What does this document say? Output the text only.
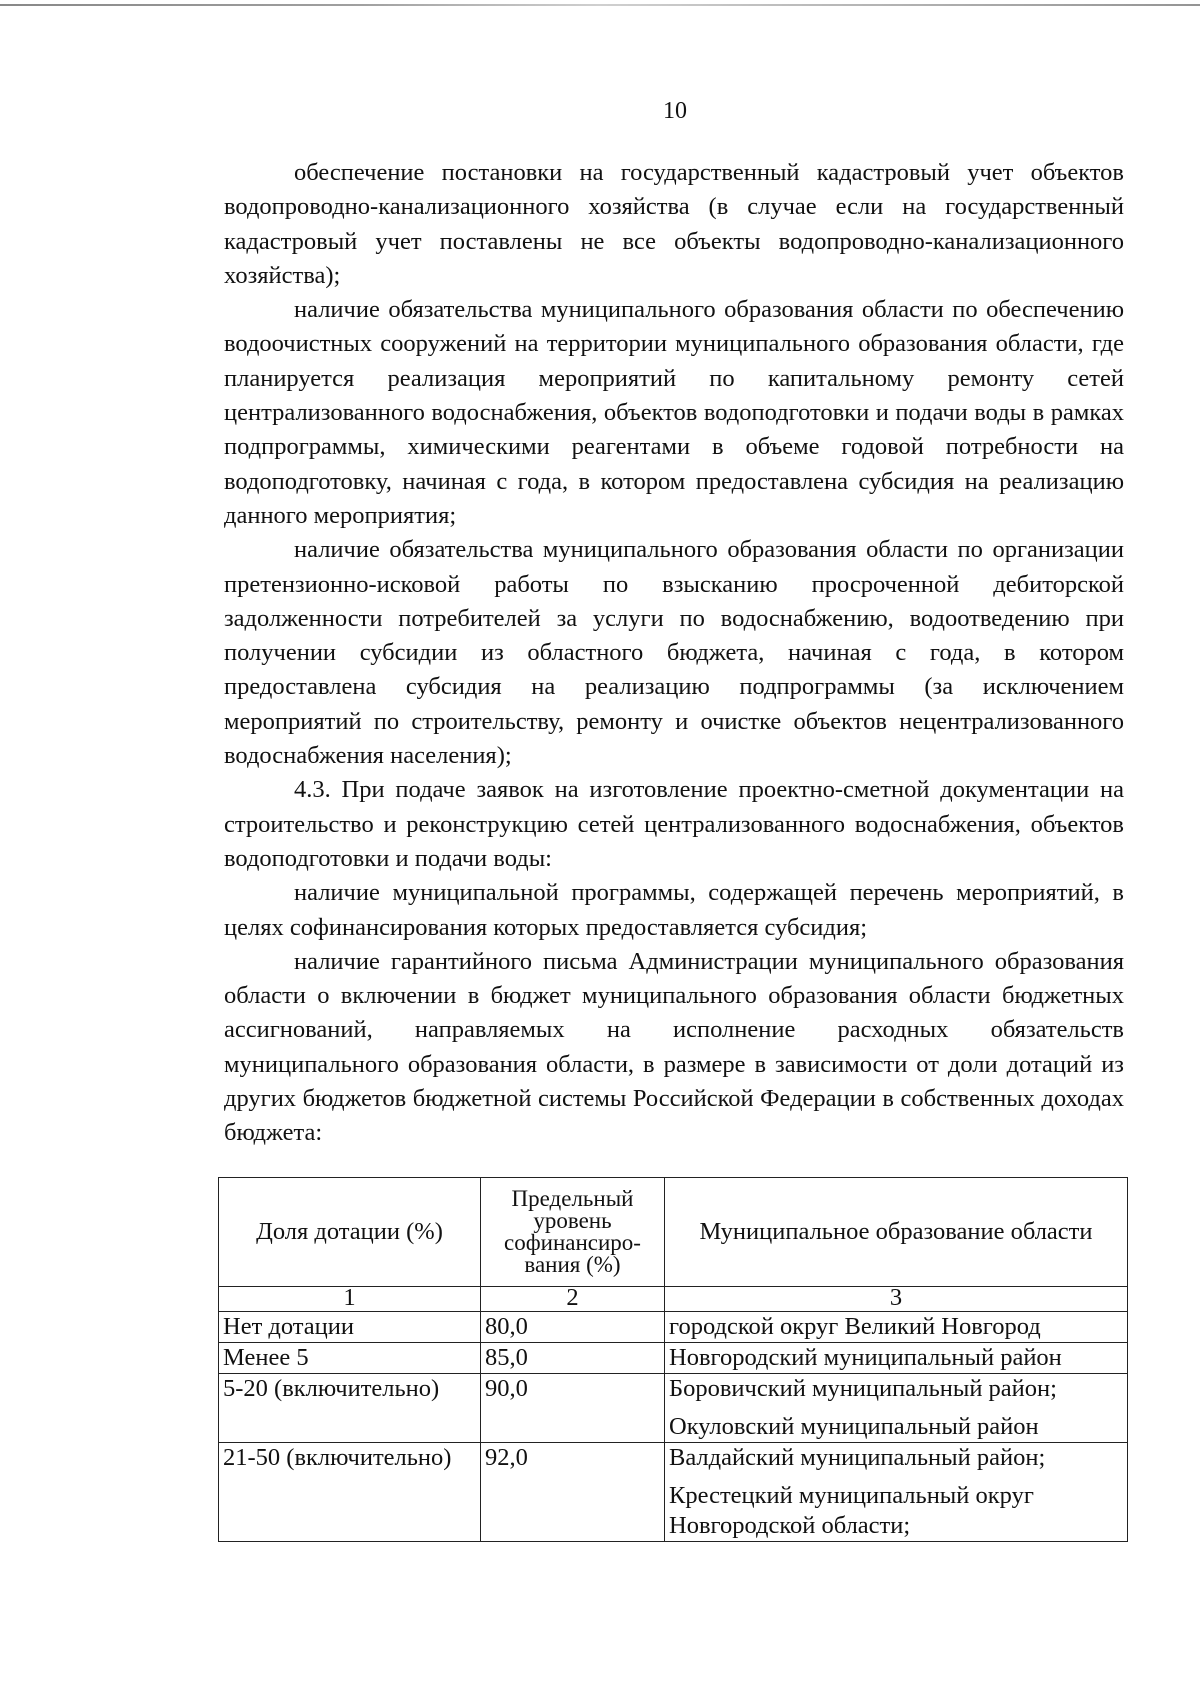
10

обеспечение постановки на государственный кадастровый учет объектов водопроводно-канализационного хозяйства (в случае если на государственный кадастровый учет поставлены не все объекты водопроводно-канализационного хозяйства);

наличие обязательства муниципального образования области по обеспечению водоочистных сооружений на территории муниципального образования области, где планируется реализация мероприятий по капитальному ремонту сетей централизованного водоснабжения, объектов водоподготовки и подачи воды в рамках подпрограммы, химическими реагентами в объеме годовой потребности на водоподготовку, начиная с года, в котором предоставлена субсидия на реализацию данного мероприятия;

наличие обязательства муниципального образования области по организации претензионно-исковой работы по взысканию просроченной дебиторской задолженности потребителей за услуги по водоснабжению, водоотведению при получении субсидии из областного бюджета, начиная с года, в котором предоставлена субсидия на реализацию подпрограммы (за исключением мероприятий по строительству, ремонту и очистке объектов нецентрализованного водоснабжения населения);

4.3. При подаче заявок на изготовление проектно-сметной документации на строительство и реконструкцию сетей централизованного водоснабжения, объектов водоподготовки и подачи воды:

наличие муниципальной программы, содержащей перечень мероприятий, в целях софинансирования которых предоставляется субсидия;

наличие гарантийного письма Администрации муниципального образования области о включении в бюджет муниципального образования области бюджетных ассигнований, направляемых на исполнение расходных обязательств муниципального образования области, в размере в зависимости от доли дотаций из других бюджетов бюджетной системы Российской Федерации в собственных доходах бюджета:

Доля дотации (%)	Предельный уровень софинансирования (%)	Муниципальное образование области
1	2	3
Нет дотации	80,0	городской округ Великий Новгород

Менее 5	85,0	Новгородский муниципальный район

5-20 (включительно)	90,0	Боровичский муниципальный район;
Окуловский муниципальный район

21-50 (включительно)	92,0	Валдайский муниципальный район;
Крестецкий муниципальный округ Новгородской области;
